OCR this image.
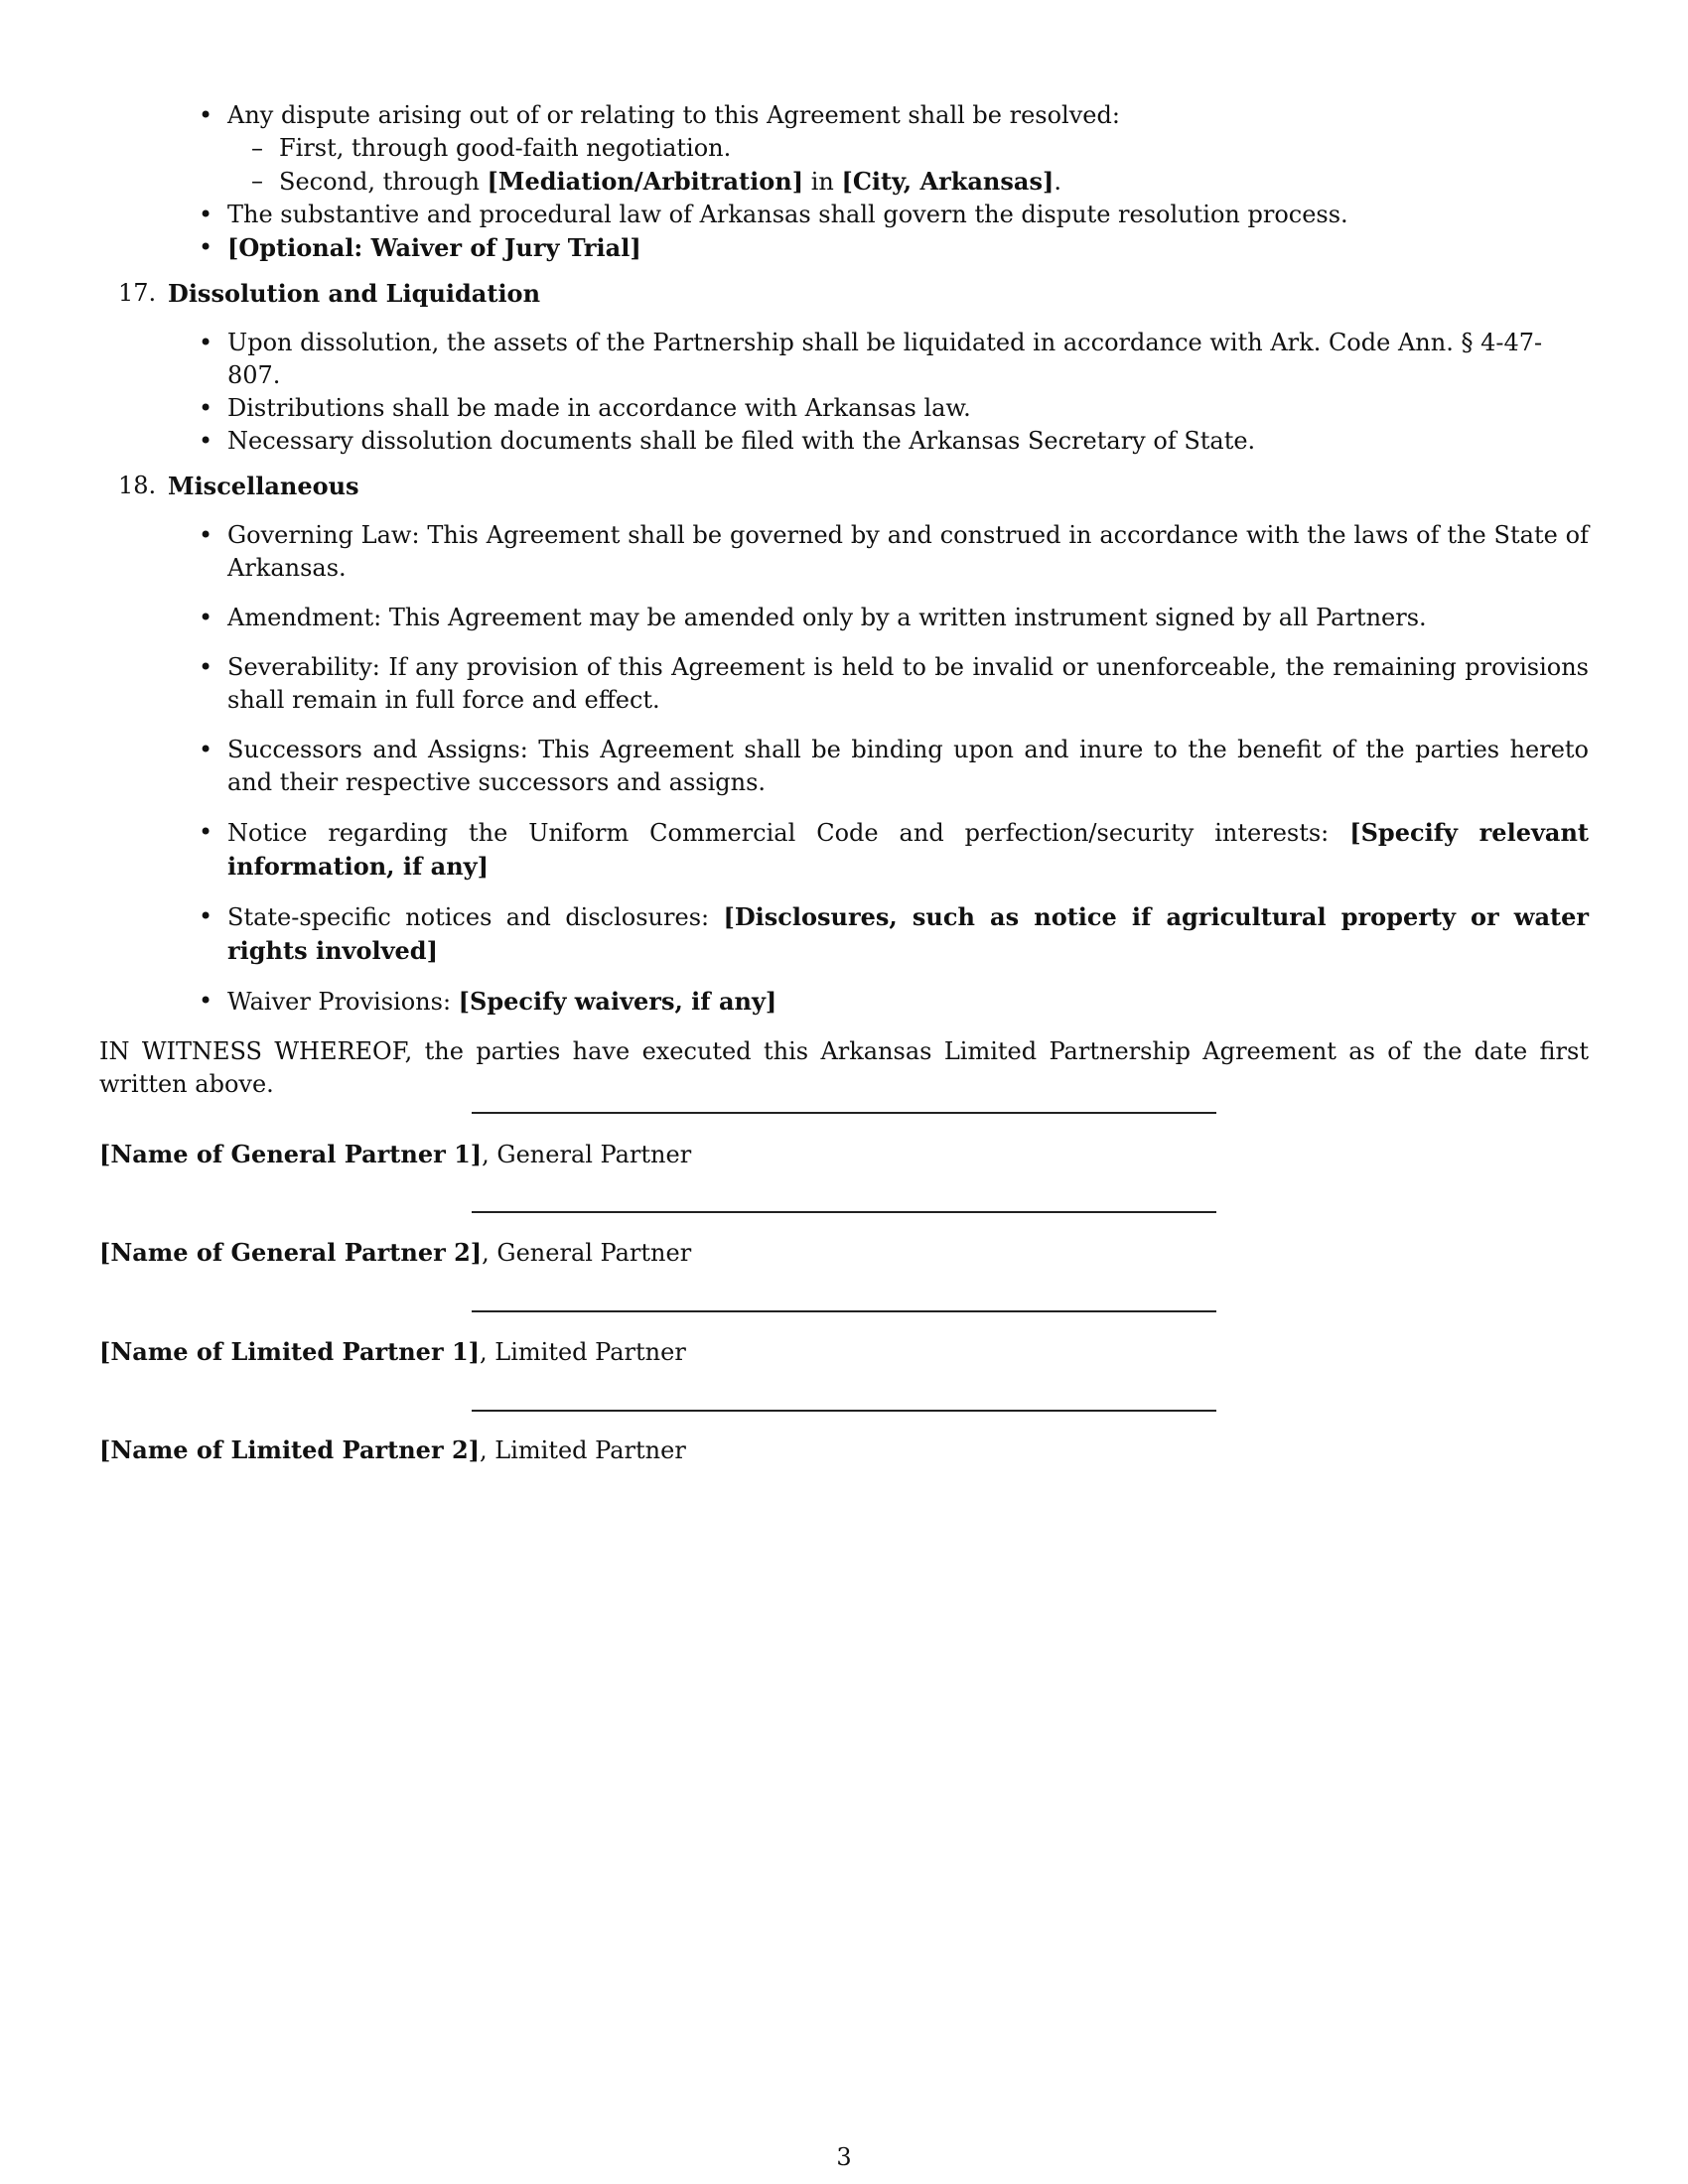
• Any dispute arising out of or relating to this Agreement shall be resolved:
– First, through good-faith negotiation.
– Second, through [Mediation/Arbitration] in [City, Arkansas].
• The substantive and procedural law of Arkansas shall govern the dispute resolution process.
• [Optional: Waiver of Jury Trial]
17. Dissolution and Liquidation
• Upon dissolution, the assets of the Partnership shall be liquidated in accordance with Ark. Code Ann. § 4-47-807.
• Distributions shall be made in accordance with Arkansas law.
• Necessary dissolution documents shall be filed with the Arkansas Secretary of State.
18. Miscellaneous
• Governing Law: This Agreement shall be governed by and construed in accordance with the laws of the State of Arkansas.
• Amendment: This Agreement may be amended only by a written instrument signed by all Partners.
• Severability: If any provision of this Agreement is held to be invalid or unenforceable, the remaining provisions shall remain in full force and effect.
• Successors and Assigns: This Agreement shall be binding upon and inure to the benefit of the parties hereto and their respective successors and assigns.
• Notice regarding the Uniform Commercial Code and perfection/security interests: [Specify relevant information, if any]
• State-specific notices and disclosures: [Disclosures, such as notice if agricultural property or water rights involved]
• Waiver Provisions: [Specify waivers, if any]

IN WITNESS WHEREOF, the parties have executed this Arkansas Limited Partnership Agreement as of the date first written above.

[Name of General Partner 1], General Partner
[Name of General Partner 2], General Partner
[Name of Limited Partner 1], Limited Partner
[Name of Limited Partner 2], Limited Partner
3
